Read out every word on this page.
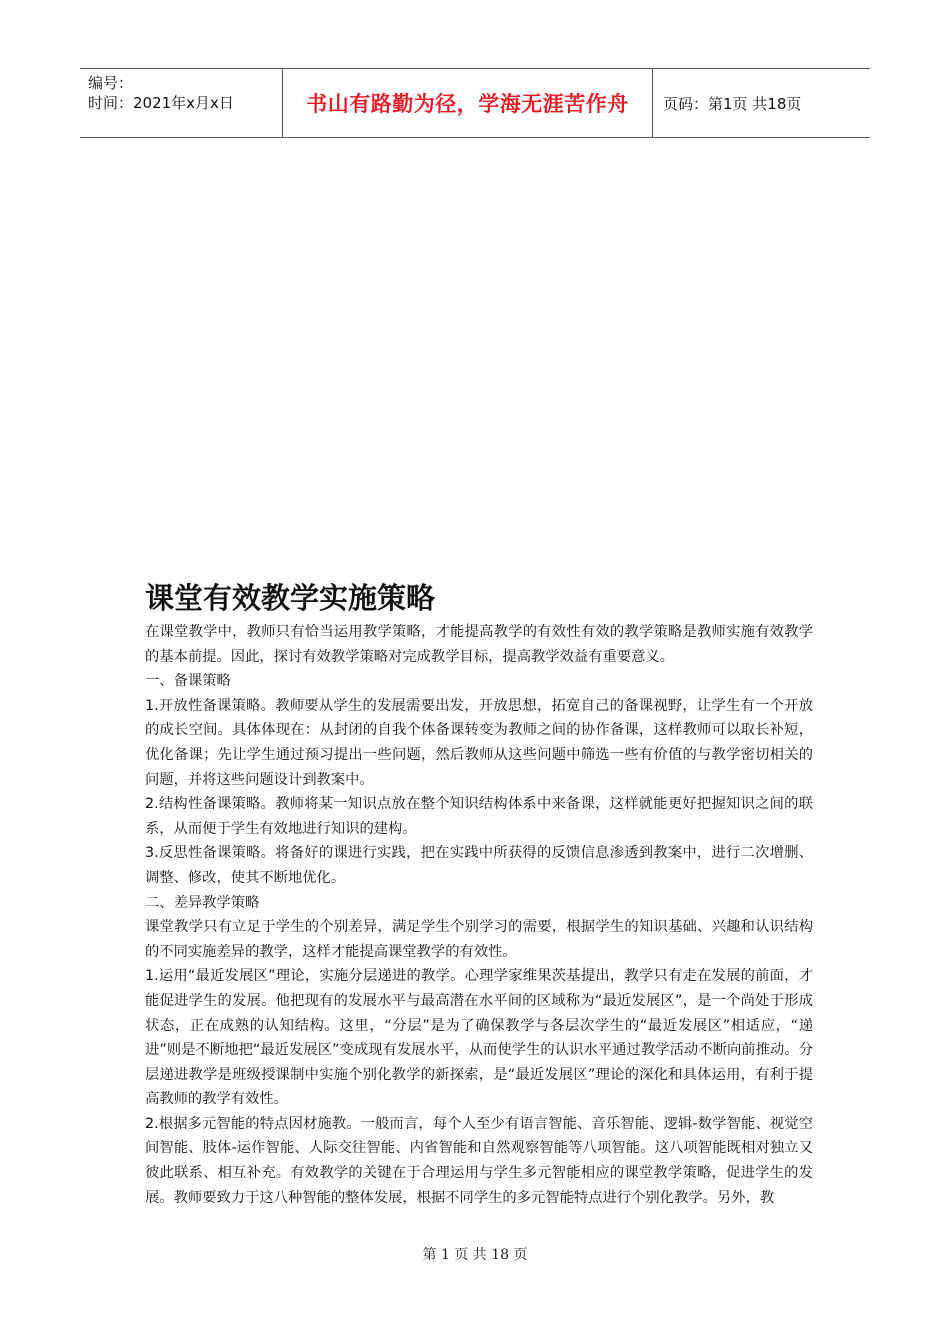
编号：
时间：2021年x月x日	书山有路勤为径，学海无涯苦作舟 页码：第1页 共18页
课堂有效教学实施策略

在课堂教学中，教师只有恰当运用教学策略，才能提高教学的有效性有效的教学策略是教师实施有效教学的基本前提。因此，探讨有效教学策略对完成教学目标，提高教学效益有重要意义。

一、备课策略

1.开放性备课策略。教师要从学生的发展需要出发，开放思想，拓宽自己的备课视野，让学生有一个开放的成长空间。具体体现在：从封闭的自我个体备课转变为教师之间的协作备课，这样教师可以取长补短，优化备课；先让学生通过预习提出一些问题，然后教师从这些问题中筛选一些有价值的与教学密切相关的问题，并将这些问题设计到教案中。

2.结构性备课策略。教师将某一知识点放在整个知识结构体系中来备课，这样就能更好把握知识之间的联系，从而便于学生有效地进行知识的建构。

3.反思性备课策略。将备好的课进行实践，把在实践中所获得的反馈信息渗透到教案中，进行二次增删、调整、修改，使其不断地优化。

二、差异教学策略

课堂教学只有立足于学生的个别差异，满足学生个别学习的需要，根据学生的知识基础、兴趣和认识结构的不同实施差异的教学，这样才能提高课堂教学的有效性。

1.运用“最近发展区”理论，实施分层递进的教学。心理学家维果茨基提出，教学只有走在发展的前面，才能促进学生的发展。他把现有的发展水平与最高潜在水平间的区域称为“最近发展区”，是一个尚处于形成状态，正在成熟的认知结构。这里，“分层”是为了确保教学与各层次学生的“最近发展区”相适应，“递进”则是不断地把“最近发展区”变成现有发展水平，从而使学生的认识水平通过教学活动不断向前推动。分层递进教学是班级授课制中实施个别化教学的新探索，是“最近发展区”理论的深化和具体运用，有利于提高教师的教学有效性。

2.根据多元智能的特点因材施教。一般而言，每个人至少有语言智能、音乐智能、逻辑-数学智能、视觉空间智能、肢体-运作智能、人际交往智能、内省智能和自然观察智能等八项智能。这八项智能既相对独立又彼此联系、相互补充。有效教学的关键在于合理运用与学生多元智能相应的课堂教学策略，促进学生的发展。教师要致力于这八种智能的整体发展，根据不同学生的多元智能特点进行个别化教学。另外，教

第 1 页 共 18 页
